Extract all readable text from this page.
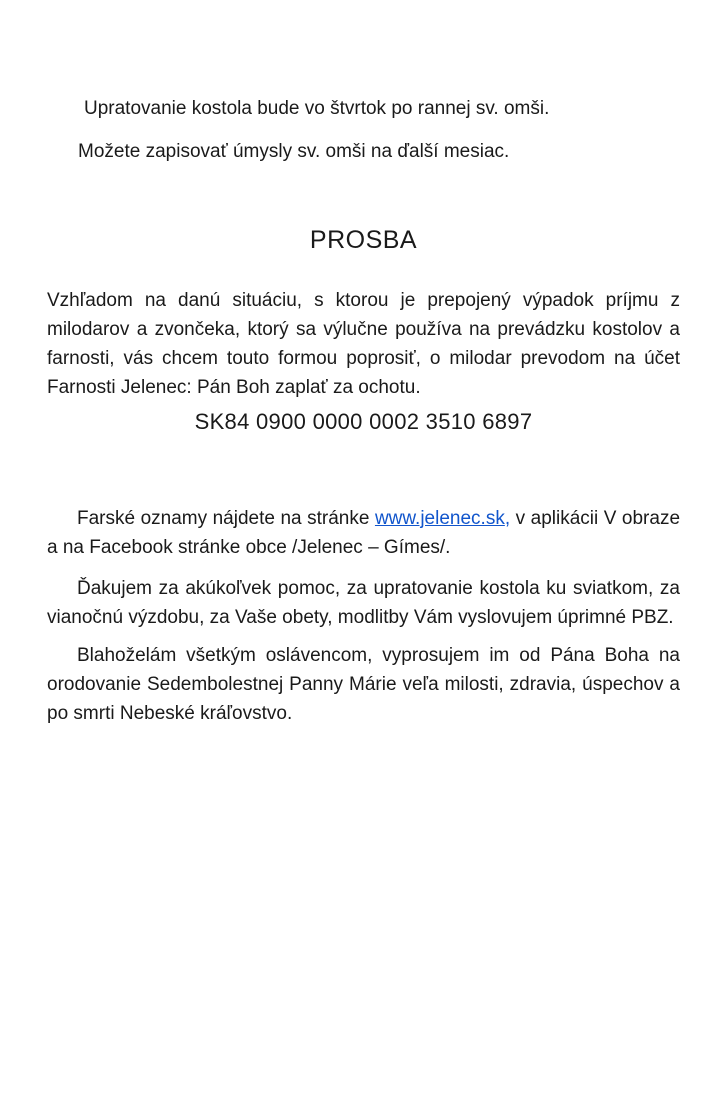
Upratovanie kostola bude vo štvrtok po rannej sv. omši.

Možete zapisovať úmysly sv. omši na ďalší mesiac.

PROSBA

Vzhľadom na danú situáciu, s ktorou je prepojený výpadok príjmu z milodarov a zvončeka, ktorý sa výlučne používa na prevádzku kostolov a farnosti, vás chcem touto formou poprosiť, o milodar prevodom na účet Farnosti Jelenec: Pán Boh zaplať za ochotu.

SK84 0900 0000 0002 3510 6897

Farské oznamy nájdete na stránke www.jelenec.sk, v aplikácii V obraze a na Facebook stránke obce /Jelenec – Gímes/.

Ďakujem za akúkoľvek pomoc, za upratovanie kostola ku sviatkom, za vianočnú výzdobu, za Vaše obety, modlitby Vám vyslovujem úprimné PBZ.

Blahoželám všetkým oslávencom, vyprosujem im od Pána Boha na orodovanie Sedembolestnej Panny Márie veľa milosti, zdravia, úspechov a po smrti Nebeské kráľovstvo.
